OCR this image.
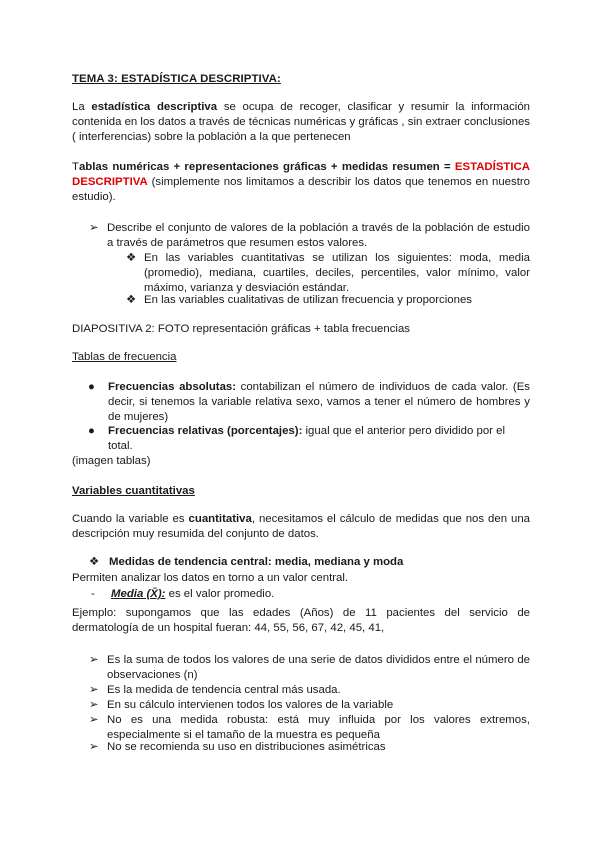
TEMA 3: ESTADÍSTICA DESCRIPTIVA:
La estadística descriptiva se ocupa de recoger, clasificar y resumir la información contenida en los datos a través de técnicas numéricas y gráficas , sin extraer conclusiones ( interferencias) sobre la población a la que pertenecen
Tablas numéricas + representaciones gráficas + medidas resumen = ESTADÍSTICA DESCRIPTIVA (simplemente nos limitamos a describir los datos que tenemos en nuestro estudio).
➢ Describe el conjunto de valores de la población a través de la población de estudio a través de parámetros que resumen estos valores.
❖ En las variables cuantitativas se utilizan los siguientes: moda, media (promedio), mediana, cuartiles, deciles, percentiles, valor mínimo, valor máximo, varianza y desviación estándar.
❖ En las variables cualitativas de utilizan frecuencia y proporciones
DIAPOSITIVA 2: FOTO representación gráficas + tabla frecuencias
Tablas de frecuencia
● Frecuencias absolutas: contabilizan el número de individuos de cada valor. (Es decir, si tenemos la variable relativa sexo, vamos a tener el número de hombres y de mujeres)
● Frecuencias relativas (porcentajes): igual que el anterior pero dividido por el total.
(imagen tablas)
Variables cuantitativas
Cuando la variable es cuantitativa, necesitamos el cálculo de medidas que nos den una descripción muy resumida del conjunto de datos.
❖ Medidas de tendencia central: media, mediana y moda
Permiten analizar los datos en torno a un valor central.
- Media (X̄): es el valor promedio.
Ejemplo: supongamos que las edades (Años) de 11 pacientes del servicio de dermatología de un hospital fueran: 44, 55, 56, 67, 42, 45, 41,
➢ Es la suma de todos los valores de una serie de datos divididos entre el número de observaciones (n)
➢ Es la medida de tendencia central más usada.
➢ En su cálculo intervienen todos los valores de la variable
➢ No es una medida robusta: está muy influida por los valores extremos, especialmente si el tamaño de la muestra es pequeña
➢ No se recomienda su uso en distribuciones asimétricas
